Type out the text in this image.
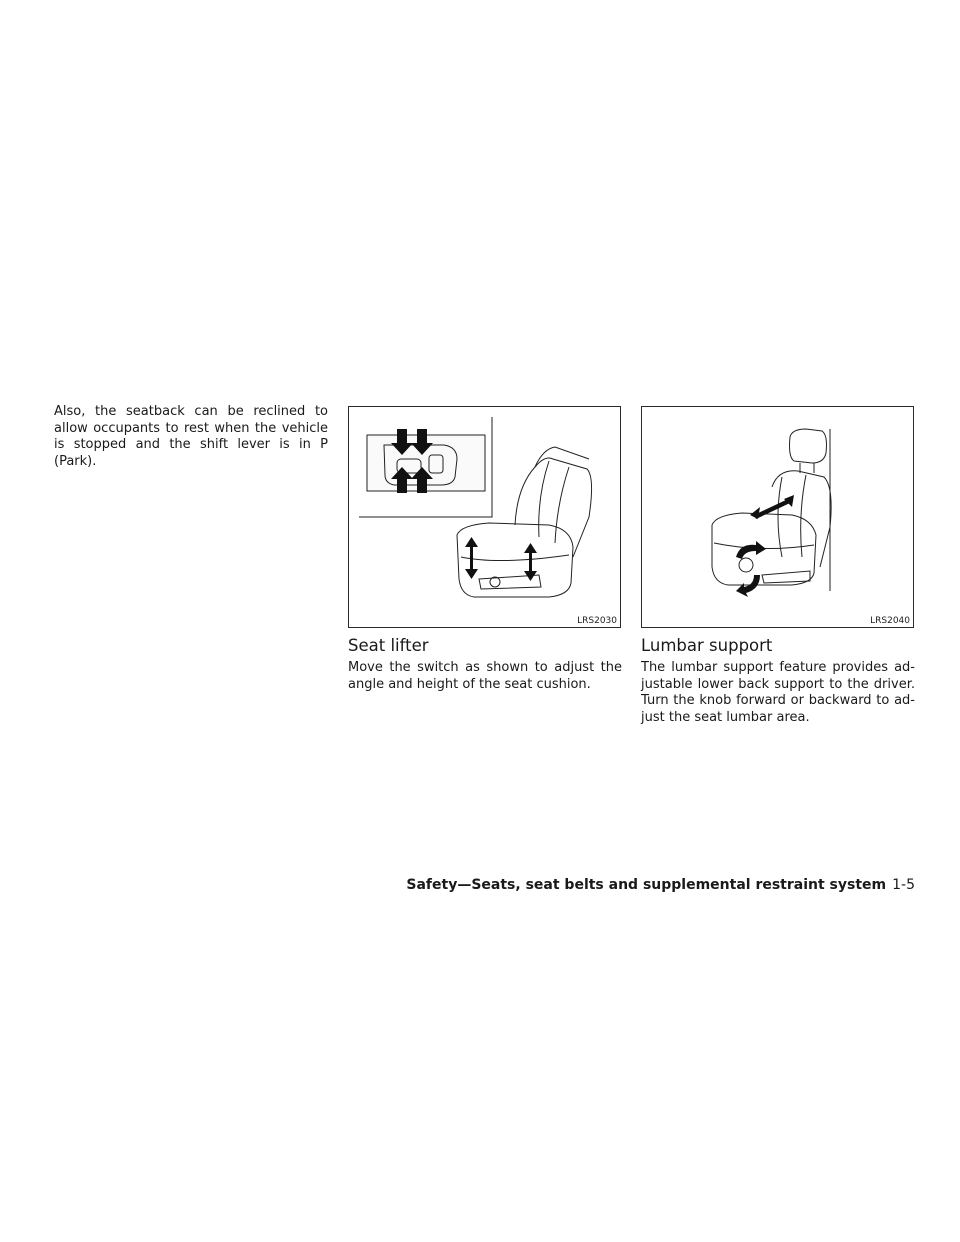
Also, the seatback can be reclined to allow occupants to rest when the vehicle is stopped and the shift lever is in P (Park).

LRS2030	LRS2040
Seat lifter

Move the switch as shown to adjust the angle and height of the seat cushion.

Lumbar support

The lumbar support feature provides ad-justable lower back support to the driver. Turn the knob forward or backward to ad-just the seat lumbar area.

Safety—Seats, seat belts and supplemental restraint system 1-5
